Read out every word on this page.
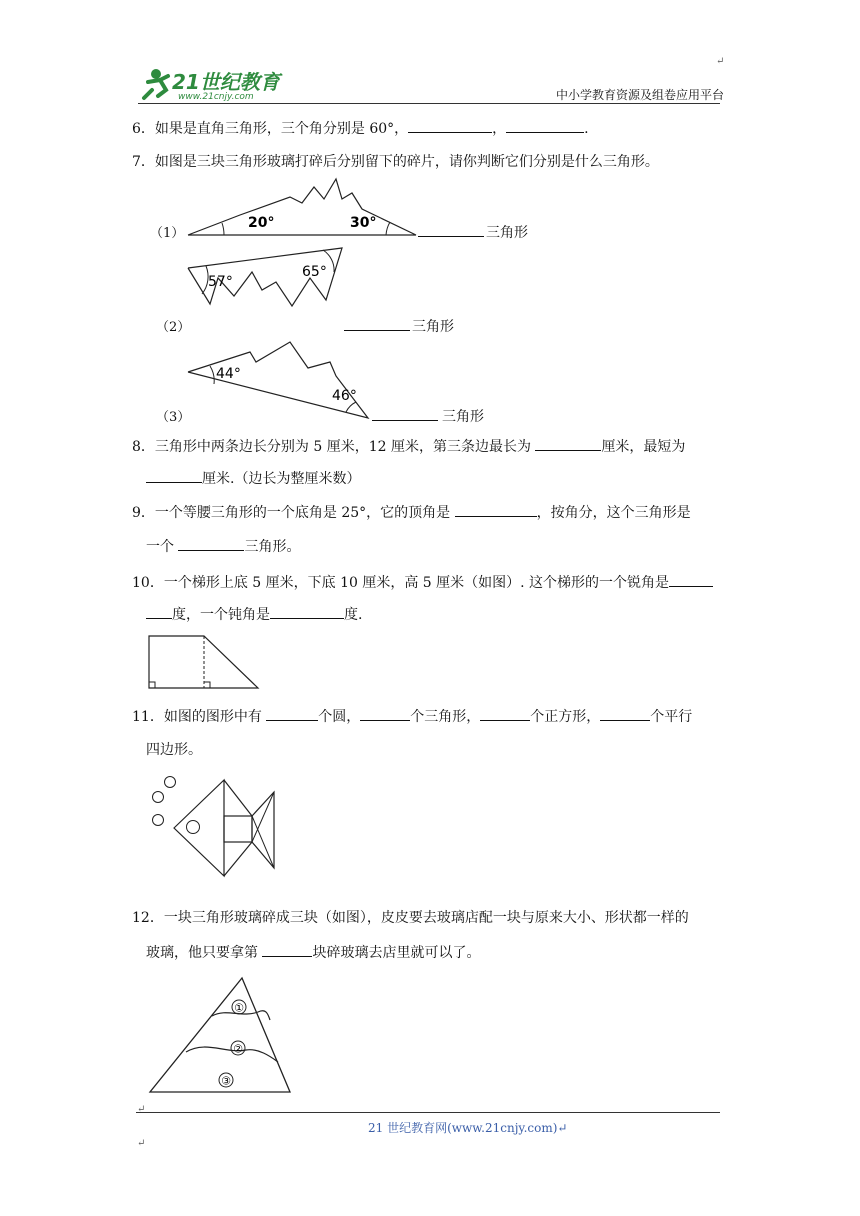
21世纪教育
www.21cnjy.com
↵
中小学教育资源及组卷应用平台
6．如果是直角三角形，三个角分别是 60°，	，	.
7．如图是三块三角形玻璃打碎后分别留下的碎片，请你判断它们分别是什么三角形。
（1）
20°	30°
三角形
57°
65°
（2）	三角形
44°
46°
（3）	三角形
8．三角形中两条边长分别为 5 厘米，12 厘米，第三条边最长为	厘米，最短为
厘米.（边长为整厘米数）
9．一个等腰三角形的一个底角是 25°，它的顶角是	，按角分，这个三角形是
一个	三角形。
10．一个梯形上底 5 厘米，下底 10 厘米，高 5 厘米（如图）. 这个梯形的一个锐角是
度，一个钝角是	度.
11．如图的图形中有	个圆，	个三角形，	个正方形，	个平行
四边形。
12．一块三角形玻璃碎成三块（如图），皮皮要去玻璃店配一块与原来大小、形状都一样的
玻璃，他只要拿第	块碎玻璃去店里就可以了。
①
②
③
↵
21 世纪教育网(www.21cnjy.com)↵
↵
